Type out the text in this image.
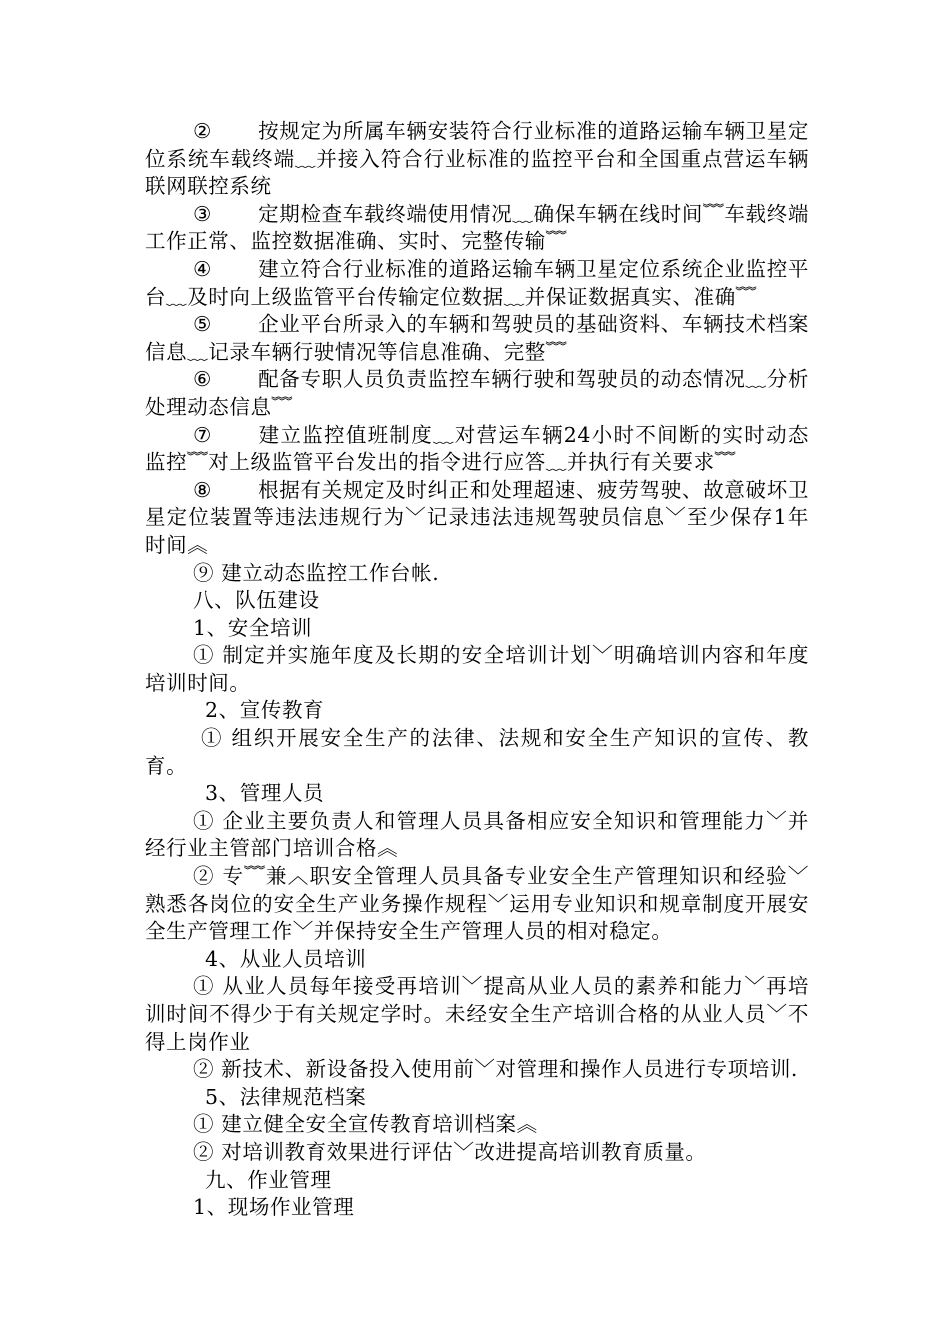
② 按规定为所属车辆安装符合行业标准的道路运输车辆卫星定位系统车载终端﹏并接入符合行业标准的监控平台和全国重点营运车辆联网联控系统

③ 定期检查车载终端使用情况﹏确保车辆在线时间﹌车载终端工作正常、监控数据准确、实时、完整传输﹌

④ 建立符合行业标准的道路运输车辆卫星定位系统企业监控平台﹏及时向上级监管平台传输定位数据﹏并保证数据真实、准确﹌

⑤ 企业平台所录入的车辆和驾驶员的基础资料、车辆技术档案信息﹏记录车辆行驶情况等信息准确、完整﹌

⑥ 配备专职人员负责监控车辆行驶和驾驶员的动态情况﹏分析处理动态信息﹌

⑦ 建立监控值班制度﹏对营运车辆24小时不间断的实时动态监控﹌对上级监管平台发出的指令进行应答﹏并执行有关要求﹌

⑧ 根据有关规定及时纠正和处理超速、疲劳驾驶、故意破坏卫星定位装置等违法违规行为﹀记录违法违规驾驶员信息﹀至少保存1年时间︽

⑨ 建立动态监控工作台帐.

八、队伍建设

1、安全培训

① 制定并实施年度及长期的安全培训计划﹀明确培训内容和年度培训时间。

2、宣传教育

① 组织开展安全生产的法律、法规和安全生产知识的宣传、教育。

3、管理人员

① 企业主要负责人和管理人员具备相应安全知识和管理能力﹀并经行业主管部门培训合格︽

② 专﹌兼︿职安全管理人员具备专业安全生产管理知识和经验﹀熟悉各岗位的安全生产业务操作规程﹀运用专业知识和规章制度开展安全生产管理工作﹀并保持安全生产管理人员的相对稳定。

4、从业人员培训

① 从业人员每年接受再培训﹀提高从业人员的素养和能力﹀再培训时间不得少于有关规定学时。未经安全生产培训合格的从业人员﹀不得上岗作业

② 新技术、新设备投入使用前﹀对管理和操作人员进行专项培训.

5、法律规范档案

① 建立健全安全宣传教育培训档案︽

② 对培训教育效果进行评估﹀改进提高培训教育质量。

九、作业管理

1、现场作业管理
